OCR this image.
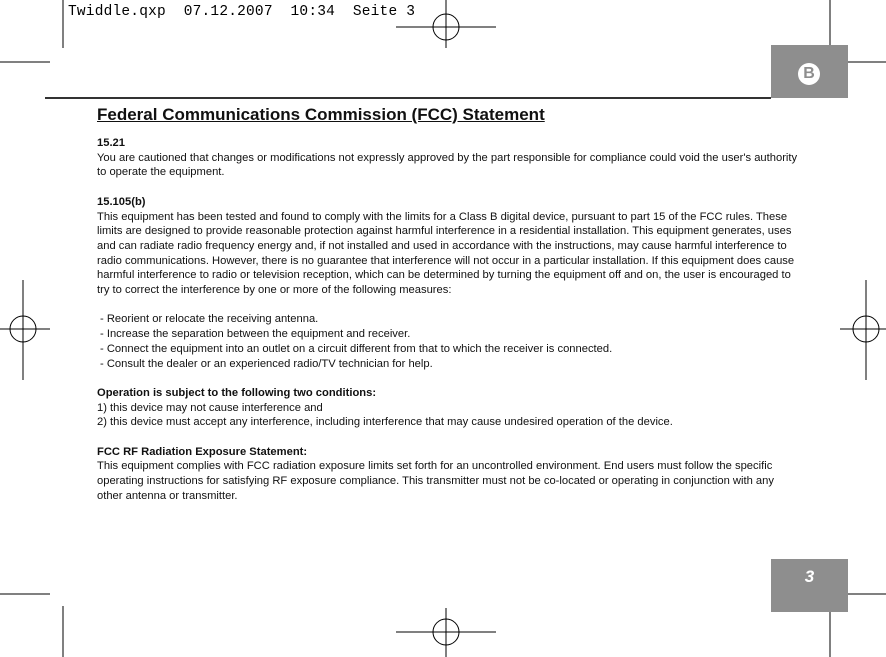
Twiddle.qxp  07.12.2007  10:34  Seite 3
B
3
Federal Communications Commission (FCC) Statement

15.21
You are cautioned that changes or modifications not expressly approved by the part responsible for compliance could void the user's authority to operate the equipment.

15.105(b)
This equipment has been tested and found to comply with the limits for a Class B digital device, pursuant to part 15 of the FCC rules. These limits are designed to provide reasonable protection against harmful interference in a residential installation. This equipment generates, uses and can radiate radio frequency energy and, if not installed and used in accordance with the instructions, may cause harmful interference to radio communications. However, there is no guarantee that interference will not occur in a particular installation. If this equipment does cause harmful interference to radio or television reception, which can be determined by turning the equipment off and on, the user is encouraged to try to correct the interference by one or more of the following measures:

- Reorient or relocate the receiving antenna.
- Increase the separation between the equipment and receiver.
- Connect the equipment into an outlet on a circuit different from that to which the receiver is connected.
- Consult the dealer or an experienced radio/TV technician for help.

Operation is subject to the following two conditions:
1) this device may not cause interference and
2) this device must accept any interference, including interference that may cause undesired operation of the device.

FCC RF Radiation Exposure Statement:
This equipment complies with FCC radiation exposure limits set forth for an uncontrolled environment. End users must follow the specific operating instructions for satisfying RF exposure compliance. This transmitter must not be co-located or operating in conjunction with any other antenna or transmitter.
